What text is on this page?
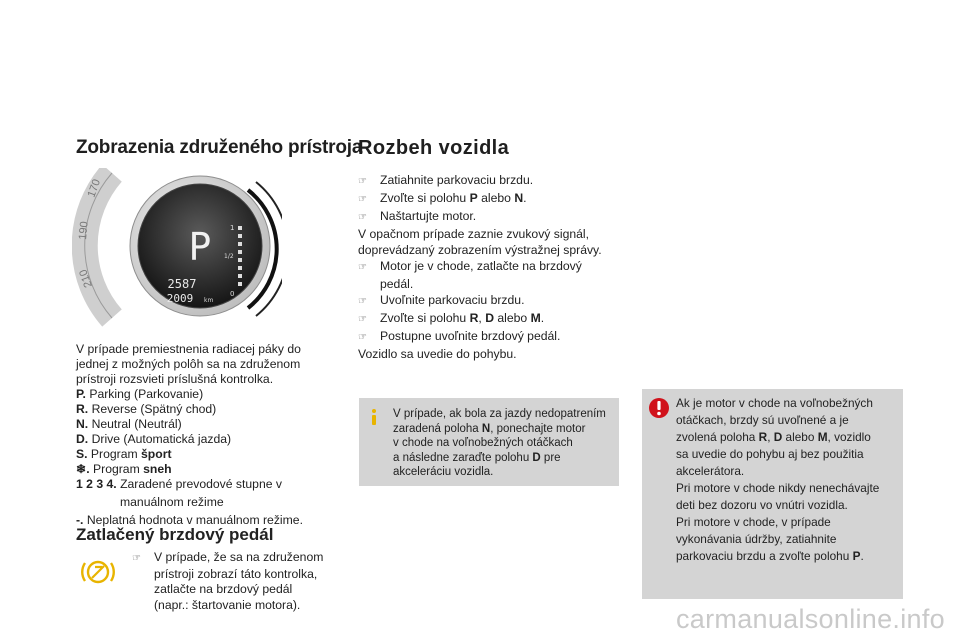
Zobrazenia združeného prístroja
170
190
210
P
2587
2009 km
1
1/2
0
V prípade premiestnenia radiacej páky do
jednej z možných polôh sa na združenom
prístroji rozsvieti príslušná kontrolka.
P. Parking (Parkovanie)
R. Reverse (Spätný chod)
N. Neutral (Neutrál)
D. Drive (Automatická jazda)
S. Program šport
❄. Program sneh
1 2 3 4. Zaradené prevodové stupne v
manuálnom režime
-. Neplatná hodnota v manuálnom režime.
Zatlačený brzdový pedál
☞ V prípade, že sa na združenom
prístroji zobrazí táto kontrolka,
zatlačte na brzdový pedál
(napr.: štartovanie motora).
Rozbeh vozidla
☞ Zatiahnite parkovaciu brzdu.
☞ Zvoľte si polohu P alebo N.
☞ Naštartujte motor.
V opačnom prípade zaznie zvukový signál,
doprevádzaný zobrazením výstražnej správy.
☞ Motor je v chode, zatlačte na brzdový
pedál.
☞ Uvoľnite parkovaciu brzdu.
☞ Zvoľte si polohu R, D alebo M.
☞ Postupne uvoľnite brzdový pedál.
Vozidlo sa uvedie do pohybu.
V prípade, ak bola za jazdy nedopatrením
zaradená poloha N, ponechajte motor
v chode na voľnobežných otáčkach
a následne zaraďte polohu D pre
akceleráciu vozidla.
Ak je motor v chode na voľnobežných
otáčkach, brzdy sú uvoľnené a je
zvolená poloha R, D alebo M, vozidlo
sa uvedie do pohybu aj bez použitia
akcelerátora.
Pri motore v chode nikdy nenechávajte
deti bez dozoru vo vnútri vozidla.
Pri motore v chode, v prípade
vykonávania údržby, zatiahnite
parkovaciu brzdu a zvoľte polohu P.
carmanualsonline.info
